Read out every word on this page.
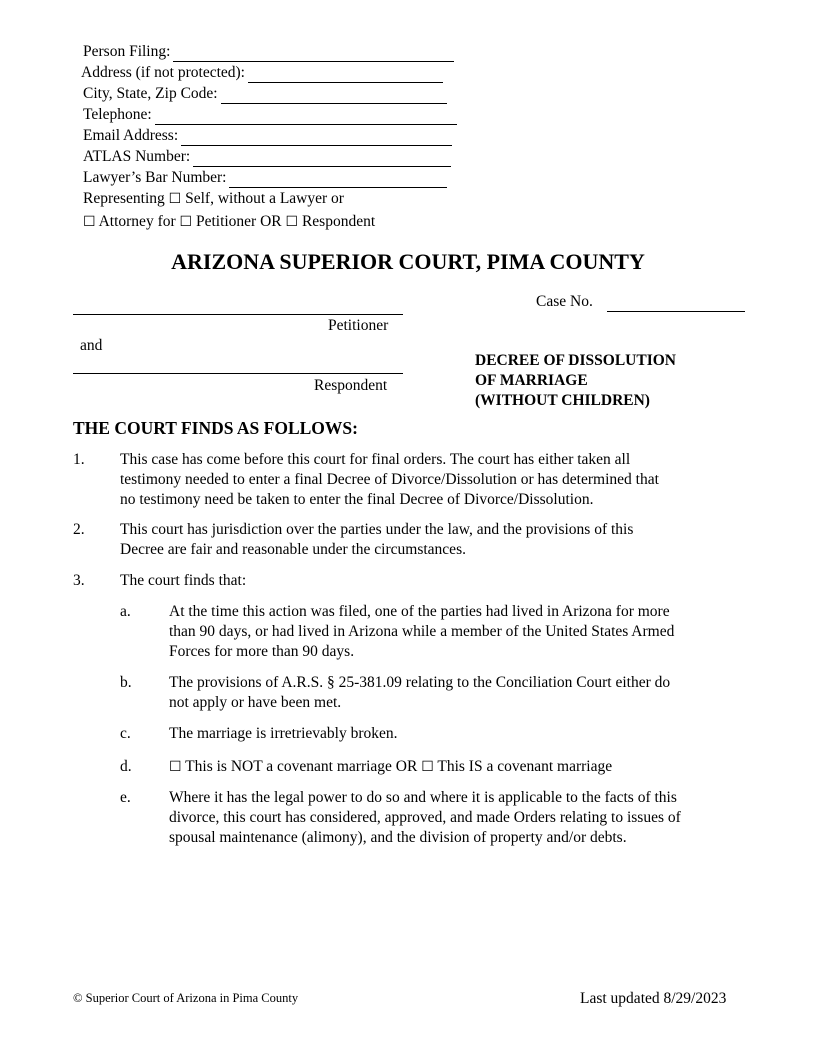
Person Filing:
Address (if not protected):
City, State, Zip Code:
Telephone:
Email Address:
ATLAS Number:
Lawyer’s Bar Number:
Representing ☐ Self, without a Lawyer or
☐ Attorney for ☐ Petitioner OR ☐ Respondent
ARIZONA SUPERIOR COURT, PIMA COUNTY
Case No.
Petitioner
and
Respondent
DECREE OF DISSOLUTION
OF MARRIAGE
(WITHOUT CHILDREN)
THE COURT FINDS AS FOLLOWS:
1. This case has come before this court for final orders. The court has either taken all
testimony needed to enter a final Decree of Divorce/Dissolution or has determined that
no testimony need be taken to enter the final Decree of Divorce/Dissolution.
2. This court has jurisdiction over the parties under the law, and the provisions of this
Decree are fair and reasonable under the circumstances.
3. The court finds that:
a. At the time this action was filed, one of the parties had lived in Arizona for more
than 90 days, or had lived in Arizona while a member of the United States Armed
Forces for more than 90 days.
b. The provisions of A.R.S. § 25-381.09 relating to the Conciliation Court either do
not apply or have been met.
c. The marriage is irretrievably broken.
d.	☐ This is NOT a covenant marriage OR ☐ This IS a covenant marriage
e. Where it has the legal power to do so and where it is applicable to the facts of this
divorce, this court has considered, approved, and made Orders relating to issues of
spousal maintenance (alimony), and the division of property and/or debts.
© Superior Court of Arizona in Pima County	Last updated 8/29/2023
